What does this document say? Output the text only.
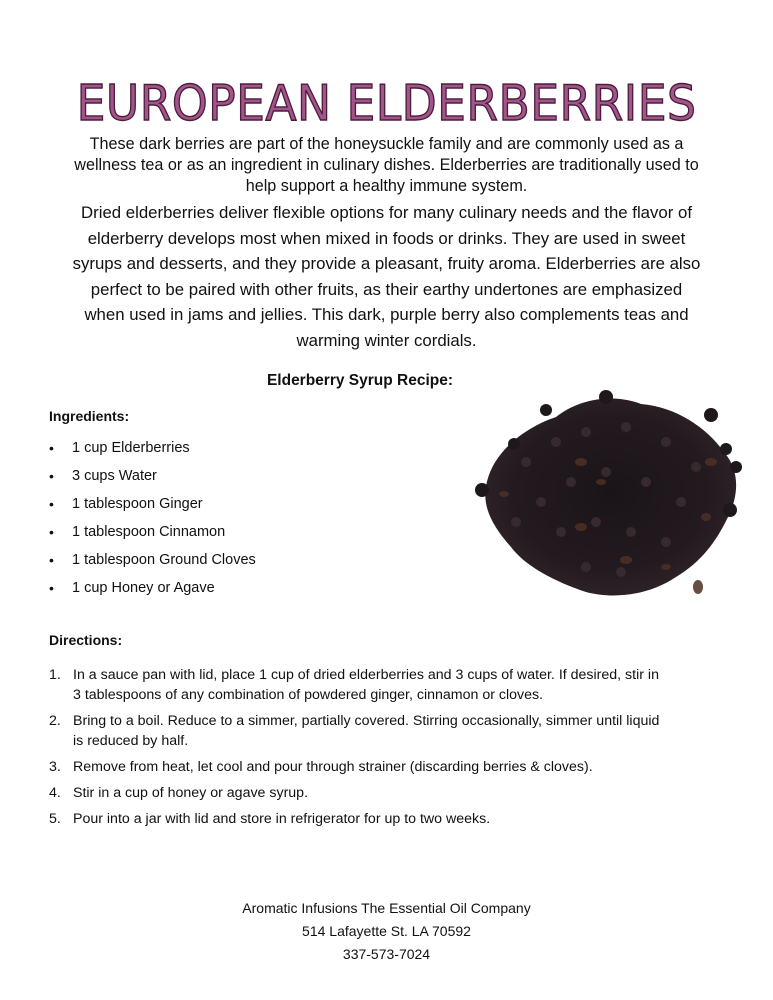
EUROPEAN ELDERBERRIES

These dark berries are part of the honeysuckle family and are commonly used as a wellness tea or as an ingredient in culinary dishes. Elderberries are traditionally used to help support a healthy immune system.

Dried elderberries deliver flexible options for many culinary needs and the flavor of elderberry develops most when mixed in foods or drinks. They are used in sweet syrups and desserts, and they provide a pleasant, fruity aroma. Elderberries are also perfect to be paired with other fruits, as their earthy undertones are emphasized when used in jams and jellies. This dark, purple berry also complements teas and warming winter cordials.

Elderberry Syrup Recipe:
Ingredients:
•	1 cup Elderberries
•	3 cups Water
•	1 tablespoon Ginger
•	1 tablespoon Cinnamon
•	1 tablespoon Ground Cloves
•	1 cup Honey or Agave
Directions:
1. In a sauce pan with lid, place 1 cup of dried elderberries and 3 cups of water. If desired, stir in 3 tablespoons of any combination of powdered ginger, cinnamon or cloves.
2. Bring to a boil. Reduce to a simmer, partially covered. Stirring occasionally, simmer until liquid is reduced by half.
3. Remove from heat, let cool and pour through strainer (discarding berries & cloves).
4. Stir in a cup of honey or agave syrup.
5. Pour into a jar with lid and store in refrigerator for up to two weeks.
Aromatic Infusions The Essential Oil Company
514 Lafayette St. LA 70592
337-573-7024
